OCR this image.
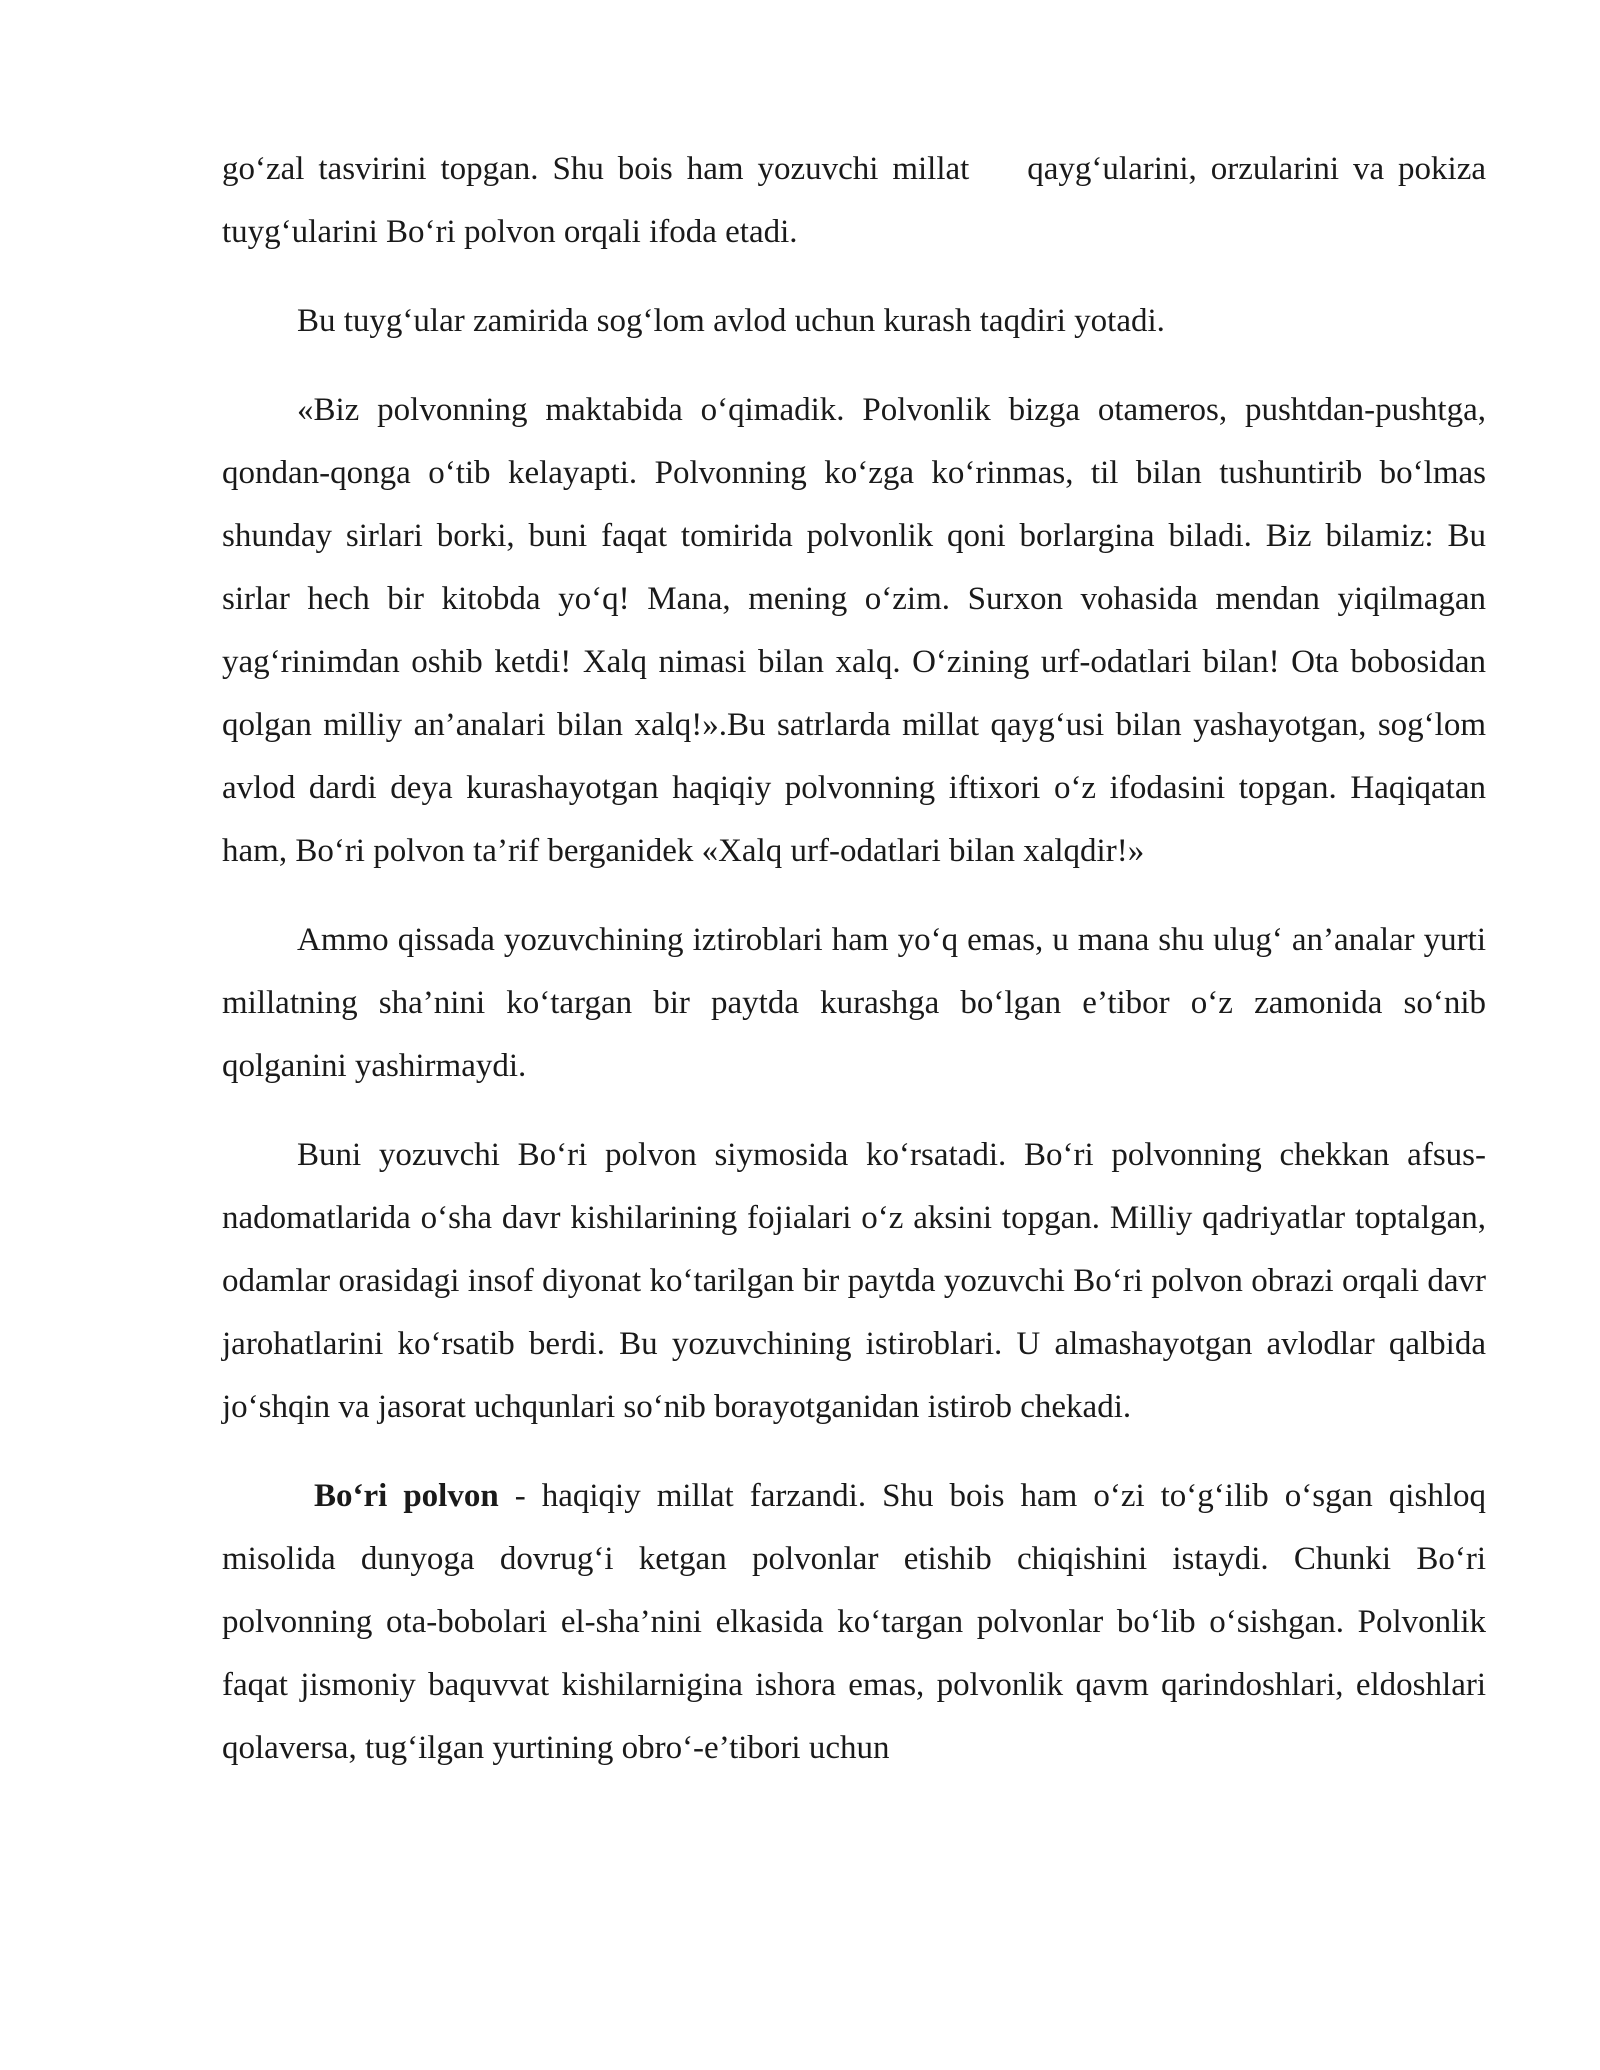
go‘zal tasvirini topgan. Shu bois ham yozuvchi millat qayg‘ularini, orzularini va pokiza tuyg‘ularini Bo‘ri polvon orqali ifoda etadi.

Bu tuyg‘ular zamirida sog‘lom avlod uchun kurash taqdiri yotadi.

«Biz polvonning maktabida o‘qimadik. Polvonlik bizga otameros, pushtdan-pushtga, qondan-qonga o‘tib kelayapti. Polvonning ko‘zga ko‘rinmas, til bilan tushuntirib bo‘lmas shunday sirlari borki, buni faqat tomirida polvonlik qoni borlargina biladi. Biz bilamiz: Bu sirlar hech bir kitobda yo‘q! Mana, mening o‘zim. Surxon vohasida mendan yiqilmagan yag‘rinimdan oshib ketdi! Xalq nimasi bilan xalq. O‘zining urf-odatlari bilan! Ota bobosidan qolgan milliy an’analari bilan xalq!».Bu satrlarda millat qayg‘usi bilan yashayotgan, sog‘lom avlod dardi deya kurashayotgan haqiqiy polvonning iftixori o‘z ifodasini topgan. Haqiqatan ham, Bo‘ri polvon ta’rif berganidek «Xalq urf-odatlari bilan xalqdir!»

Ammo qissada yozuvchining iztiroblari ham yo‘q emas, u mana shu ulug‘ an’analar yurti millatning sha’nini ko‘targan bir paytda kurashga bo‘lgan e’tibor o‘z zamonida so‘nib qolganini yashirmaydi.

Buni yozuvchi Bo‘ri polvon siymosida ko‘rsatadi. Bo‘ri polvonning chekkan afsus-nadomatlarida o‘sha davr kishilarining fojialari o‘z aksini topgan. Milliy qadriyatlar toptalgan, odamlar orasidagi insof diyonat ko‘tarilgan bir paytda yozuvchi Bo‘ri polvon obrazi orqali davr jarohatlarini ko‘rsatib berdi. Bu yozuvchining istiroblari. U almashayotgan avlodlar qalbida jo‘shqin va jasorat uchqunlari so‘nib borayotganidan istirob chekadi.

Bo‘ri polvon - haqiqiy millat farzandi. Shu bois ham o‘zi to‘g‘ilib o‘sgan qishloq misolida dunyoga dovrug‘i ketgan polvonlar etishib chiqishini istaydi. Chunki Bo‘ri polvonning ota-bobolari el-sha’nini elkasida ko‘targan polvonlar bo‘lib o‘sishgan. Polvonlik faqat jismoniy baquvvat kishilarnigina ishora emas, polvonlik qavm qarindoshlari, eldoshlari qolaversa, tug‘ilgan yurtining obro‘-e’tibori uchun
